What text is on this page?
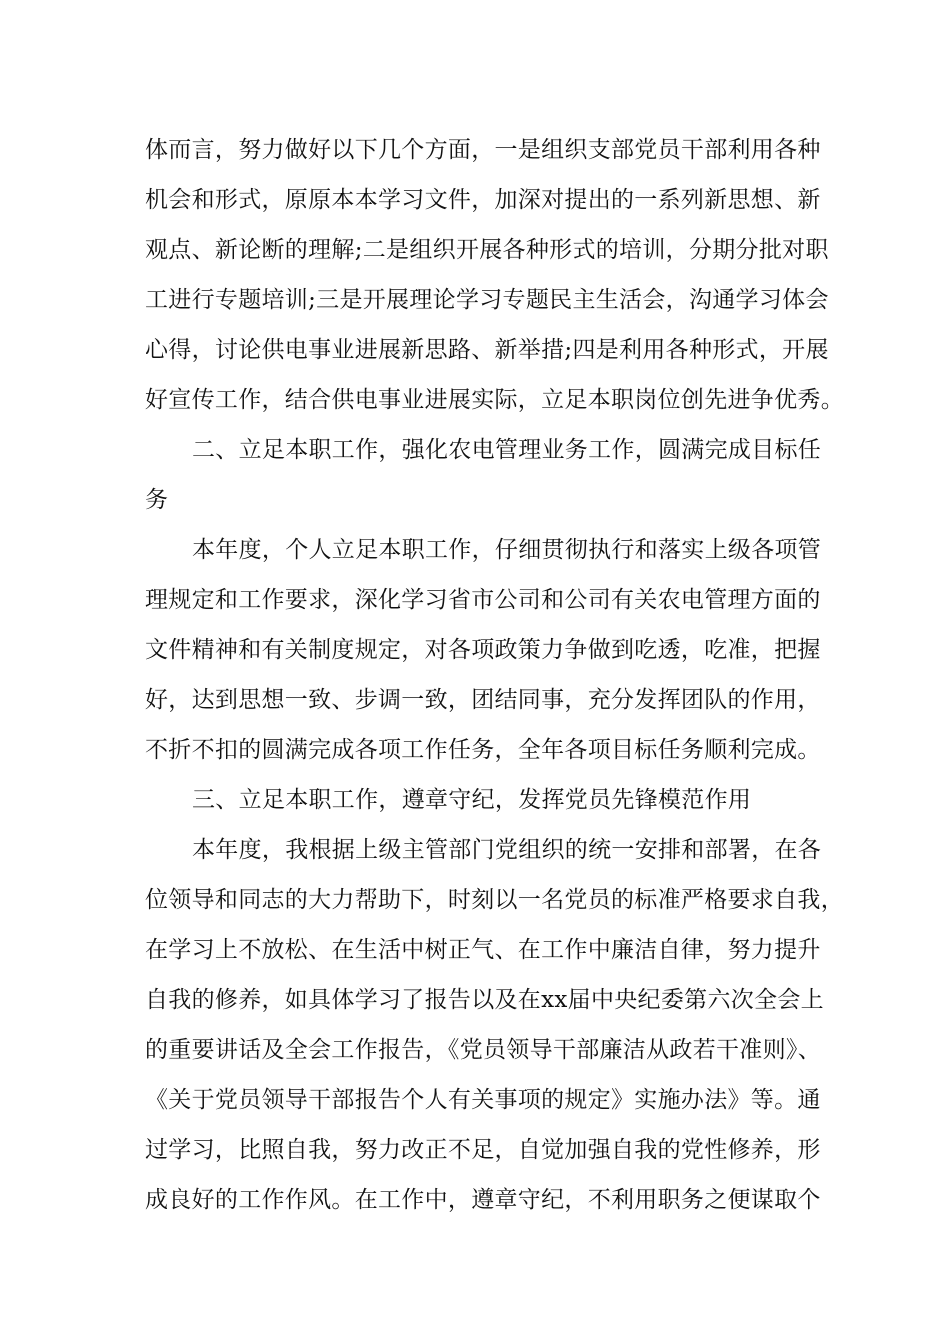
体而言，努力做好以下几个方面，一是组织支部党员干部利用各种
机会和形式，原原本本学习文件，加深对提出的一系列新思想、新
观点、新论断的理解;二是组织开展各种形式的培训，分期分批对职
工进行专题培训;三是开展理论学习专题民主生活会，沟通学习体会
心得，讨论供电事业进展新思路、新举措;四是利用各种形式，开展
好宣传工作，结合供电事业进展实际，立足本职岗位创先进争优秀。
二、立足本职工作，强化农电管理业务工作，圆满完成目标任
务
本年度，个人立足本职工作，仔细贯彻执行和落实上级各项管
理规定和工作要求，深化学习省市公司和公司有关农电管理方面的
文件精神和有关制度规定，对各项政策力争做到吃透，吃准，把握
好，达到思想一致、步调一致，团结同事，充分发挥团队的作用，
不折不扣的圆满完成各项工作任务，全年各项目标任务顺利完成。
三、立足本职工作，遵章守纪，发挥党员先锋模范作用
本年度，我根据上级主管部门党组织的统一安排和部署，在各
位领导和同志的大力帮助下，时刻以一名党员的标准严格要求自我，
在学习上不放松、在生活中树正气、在工作中廉洁自律，努力提升
自我的修养，如具体学习了报告以及在xx届中央纪委第六次全会上
的重要讲话及全会工作报告，《党员领导干部廉洁从政若干准则》、
《关于党员领导干部报告个人有关事项的规定》实施办法》等。通
过学习，比照自我，努力改正不足，自觉加强自我的党性修养，形
成良好的工作作风。在工作中，遵章守纪，不利用职务之便谋取个
